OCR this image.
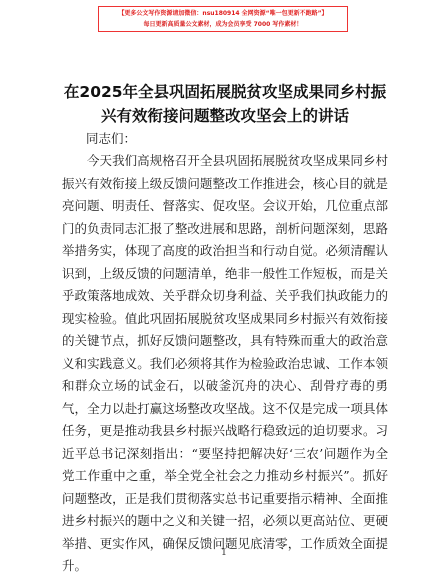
【更多公文写作资源请加微信：nsu180914 全网资源“唯一包更新不跑路”】
每日更新高质量公文素材，成为会员享受 7000 写作素材！
在2025年全县巩固拓展脱贫攻坚成果同乡村振兴有效衔接问题整改攻坚会上的讲话
同志们：

今天我们高规格召开全县巩固拓展脱贫攻坚成果同乡村振兴有效衔接上级反馈问题整改工作推进会，核心目的就是亮问题、明责任、督落实、促攻坚。会议开始，几位重点部门的负责同志汇报了整改进展和思路，剖析问题深刻，思路举措务实，体现了高度的政治担当和行动自觉。必须清醒认识到，上级反馈的问题清单，绝非一般性工作短板，而是关乎政策落地成效、关乎群众切身利益、关乎我们执政能力的现实检验。值此巩固拓展脱贫攻坚成果同乡村振兴有效衔接的关键节点，抓好反馈问题整改，具有特殊而重大的政治意义和实践意义。我们必须将其作为检验政治忠诚、工作本领和群众立场的试金石，以破釜沉舟的决心、刮骨疗毒的勇气，全力以赴打赢这场整改攻坚战。这不仅是完成一项具体任务，更是推动我县乡村振兴战略行稳致远的迫切要求。习近平总书记深刻指出：“要坚持把解决好‘三农’问题作为全党工作重中之重，举全党全社会之力推动乡村振兴”。抓好问题整改，正是我们贯彻落实总书记重要指示精神、全面推进乡村振兴的题中之义和关键一招，必须以更高站位、更硬举措、更实作风，确保反馈问题见底清零，工作质效全面提升。

1
